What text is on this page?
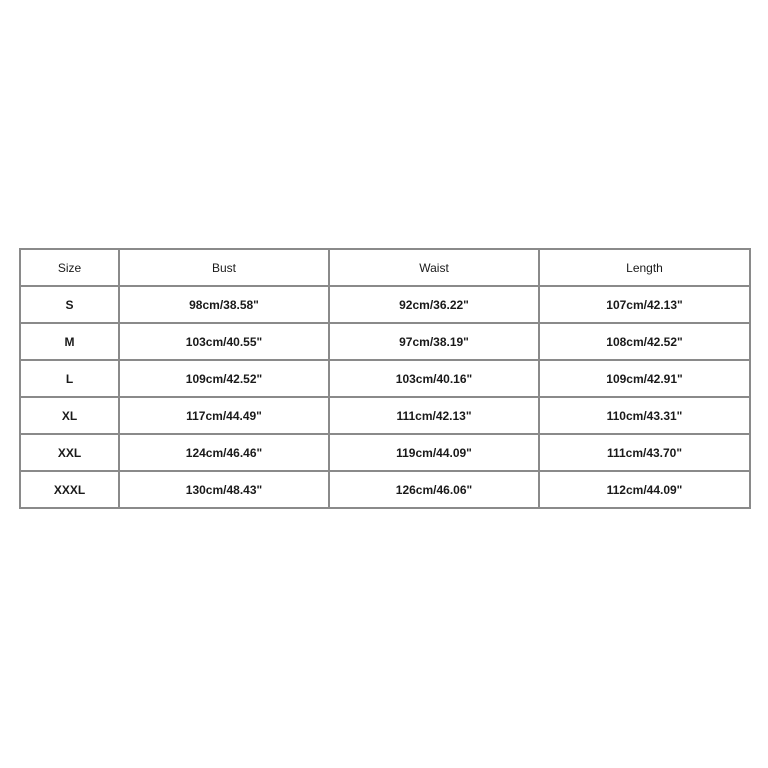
Size	Bust	Waist	Length
S	98cm/38.58"	92cm/36.22"	107cm/42.13"
M	103cm/40.55"	97cm/38.19"	108cm/42.52"
L	109cm/42.52"	103cm/40.16"	109cm/42.91"
XL	117cm/44.49"	111cm/42.13"	110cm/43.31"
XXL	124cm/46.46"	119cm/44.09"	111cm/43.70"
XXXL	130cm/48.43"	126cm/46.06"	112cm/44.09"
